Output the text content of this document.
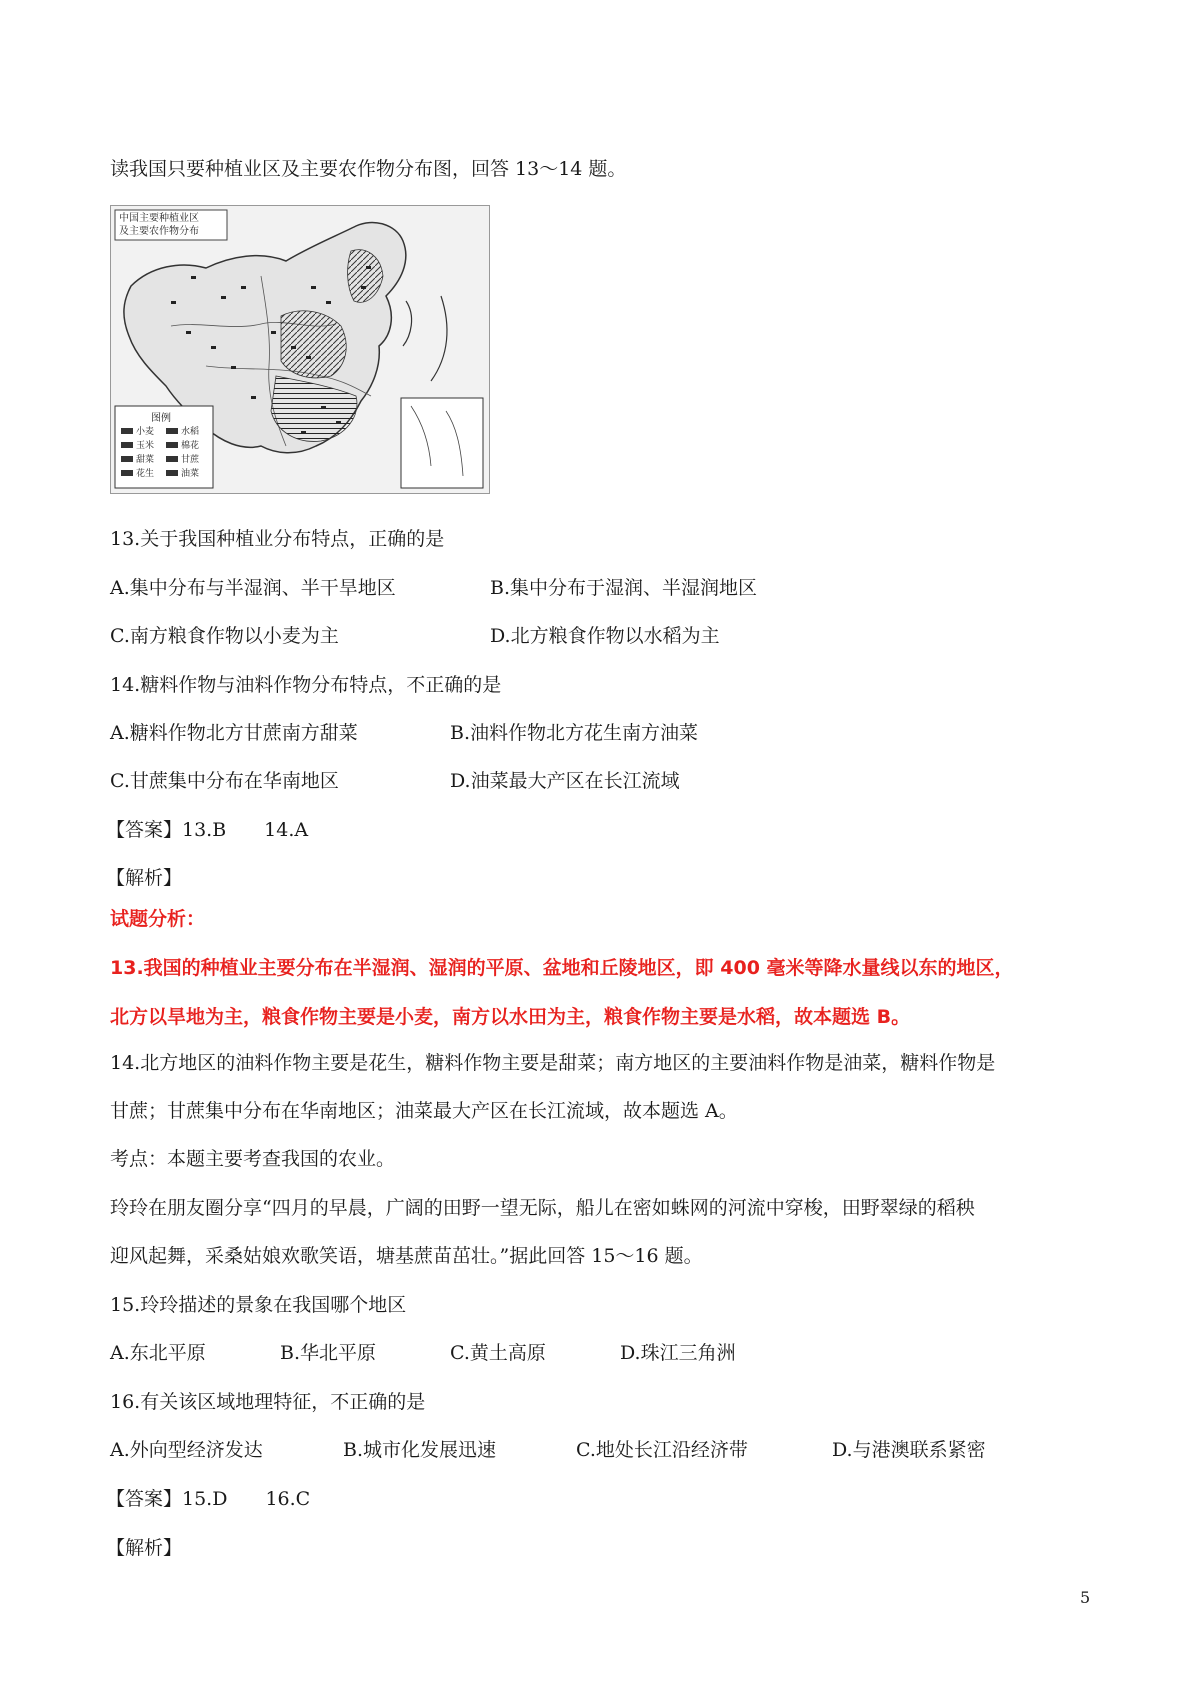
读我国只要种植业区及主要农作物分布图，回答 13～14 题。
中国主要种植业区
及主要农作物分布
图例
小麦	水稻
玉米	棉花
甜菜	甘蔗
花生	油菜
13.关于我国种植业分布特点，正确的是
A.集中分布与半湿润、半干旱地区	B.集中分布于湿润、半湿润地区
C.南方粮食作物以小麦为主	D.北方粮食作物以水稻为主
14.糖料作物与油料作物分布特点，不正确的是
A.糖料作物北方甘蔗南方甜菜	B.油料作物北方花生南方油菜
C.甘蔗集中分布在华南地区	D.油菜最大产区在长江流域
【答案】13.B　　14.A
【解析】
试题分析：
13.我国的种植业主要分布在半湿润、湿润的平原、盆地和丘陵地区，即 400 毫米等降水量线以东的地区，
北方以旱地为主，粮食作物主要是小麦，南方以水田为主，粮食作物主要是水稻，故本题选 B。
14.北方地区的油料作物主要是花生，糖料作物主要是甜菜；南方地区的主要油料作物是油菜，糖料作物是
甘蔗；甘蔗集中分布在华南地区；油菜最大产区在长江流域，故本题选 A。
考点：本题主要考查我国的农业。
玲玲在朋友圈分享“四月的早晨，广阔的田野一望无际，船儿在密如蛛网的河流中穿梭，田野翠绿的稻秧
迎风起舞，采桑姑娘欢歌笑语，塘基蔗苗茁壮。”据此回答 15～16 题。
15.玲玲描述的景象在我国哪个地区
A.东北平原	B.华北平原	C.黄土高原	D.珠江三角洲
16.有关该区域地理特征，不正确的是
A.外向型经济发达	B.城市化发展迅速	C.地处长江沿经济带	D.与港澳联系紧密
【答案】15.D　　16.C
【解析】
5
